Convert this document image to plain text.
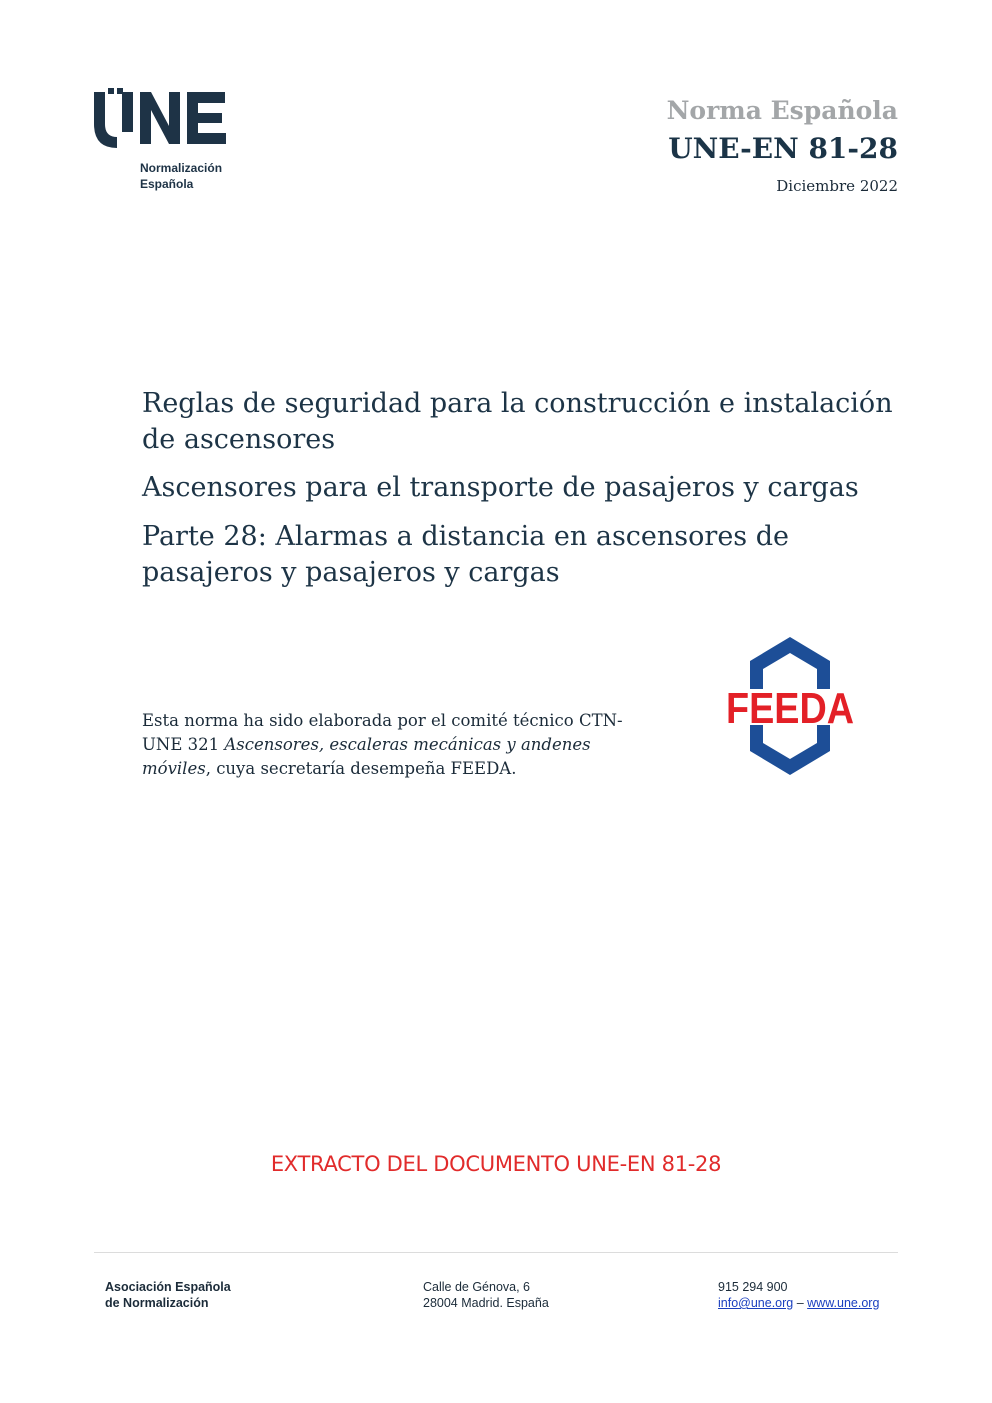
Normalización
Española
Norma Española
UNE-EN 81-28
Diciembre 2022
Reglas de seguridad para la construcción e instalación de ascensores
Ascensores para el transporte de pasajeros y cargas
Parte 28: Alarmas a distancia en ascensores de pasajeros y pasajeros y cargas
Esta norma ha sido elaborada por el comité técnico CTN-UNE 321 Ascensores, escaleras mecánicas y andenes móviles, cuya secretaría desempeña FEEDA.
FEEDA
EXTRACTO DEL DOCUMENTO UNE-EN 81-28
Asociación Española
de Normalización
Calle de Génova, 6
28004 Madrid. España
915 294 900
info@une.org – www.une.org
